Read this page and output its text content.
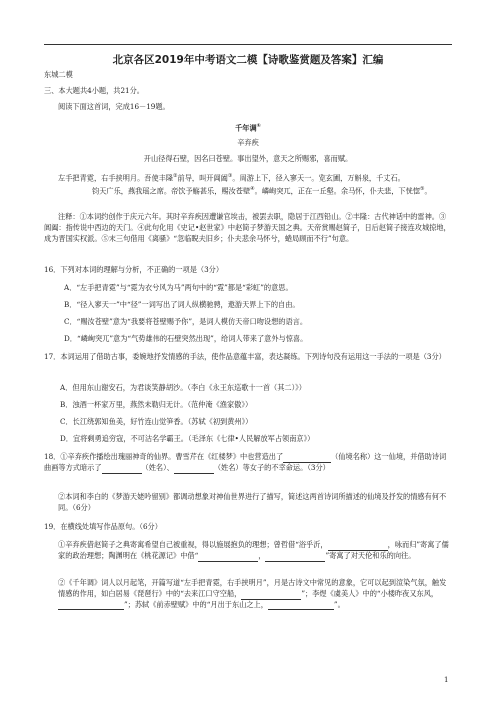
北京各区2019年中考语文二模【诗歌鉴赏题及答案】汇编
东城二模
三、本大题共4小题，共21分。
阅读下面这首词，完成16－19题。
千年调①
辛弃疾
开山径得石壁，因名曰苍壁。事出望外，意天之所赐邪，喜而赋。
左手把青霓，右手挟明月。吾使丰隆②前导，叫开阊阖③。周游上下，径入寥天一。览玄圃，万斛泉，千丈石。 钧天广乐，燕我瑶之席。帝饮予觞甚乐，赐汝苍壁④。嶙峋突兀，正在一丘壑。余马怀，仆夫悲，下恍惚⑤。
注释：①本词约创作于庆元六年。其时辛弃疾因遭谦官埃击，被罢去职，隐居于江西铅山。②丰隆：古代神话中的雷神。③阊阖：指传说中西边的天门。④此句化用《史记•赵世家》中赵简子梦游天国之典。天帝赏赐赵简子，日后赵简子接连攻城掠地，成为晋国实权派。⑤末三句借用《离骚》“忽临睨夫旧乡；仆夫悲余马怀兮，蜷局顾而不行”句意。
16．下列对本词的理解与分析，不正确的一项是（3分）
A．“左手把青霓”与“霓为衣兮风为马”两句中的“霓”都是“彩虹”的意思。
B．“径入寥天一”中“径”一词写出了词人纵横驰骋，遨游天界上下的自由。
C．“赐汝苍壁”意为“我要将苍壁赐予你”，是词人模仿天帝口吻设想的语言。
D．“嶙峋突兀”意为“气势雄伟的石壁突然出现”，给词人带来了意外与惊喜。
17．本词运用了借助古事，委婉地抒发情感的手法，使作品意蕴丰富，表达凝练。下列诗句没有运用这一手法的一项是（3分）
A．但用东山谢安石，为君谈笑静胡沙。（李白《永王东巡歌十一首（其二）》）
B．浊酒一杯家万里，燕然未勒归无计。（范仲淹《渔家傲》）
C．长江绕郭知鱼美，好竹连山觉笋香。（苏轼《初到黄州》）
D．宜将剩勇追穷寇，不可沽名学霸王。（毛泽东《七律•人民解放军占领南京》）
18．①辛弃疾作播绘出瑰丽神奇的仙界。曹雪芹在《红楼梦》中也营造出了	（仙境名称）这一仙境，并借助诗词曲画等方式暗示了	（姓名）、	（姓名）等女子的不幸命运。（3分）
②本词和李白的《梦游天姥吟留别》都调动想象对神仙世界进行了描写，简述这两首诗词所描述的仙境及抒发的情感有何不同。（6分）
19．在横线处填写作品原句。（6分）
①辛弃疾借赵简子之典寄寓希望自己被重视，得以施展抱负的理想；曾哲借“浴乎沂，	，咏而归”寄寓了儒家的政治理想；陶渊明在《桃花源记》中借“	，	”寄寓了对天伦和乐的向往。
②《千年调》词人以月起笔，开篇写道“左手把青霓，右手挟明月”，月是古诗文中常见的意象，它可以起到渲染气氛，触发情感的作用，如白居易《琵琶行》中的“去来江口守空船，	”；李煜《虞美人》中的“小楼昨夜又东风，”；苏轼《前赤壁赋》中的“月出于东山之上，	”。
1
